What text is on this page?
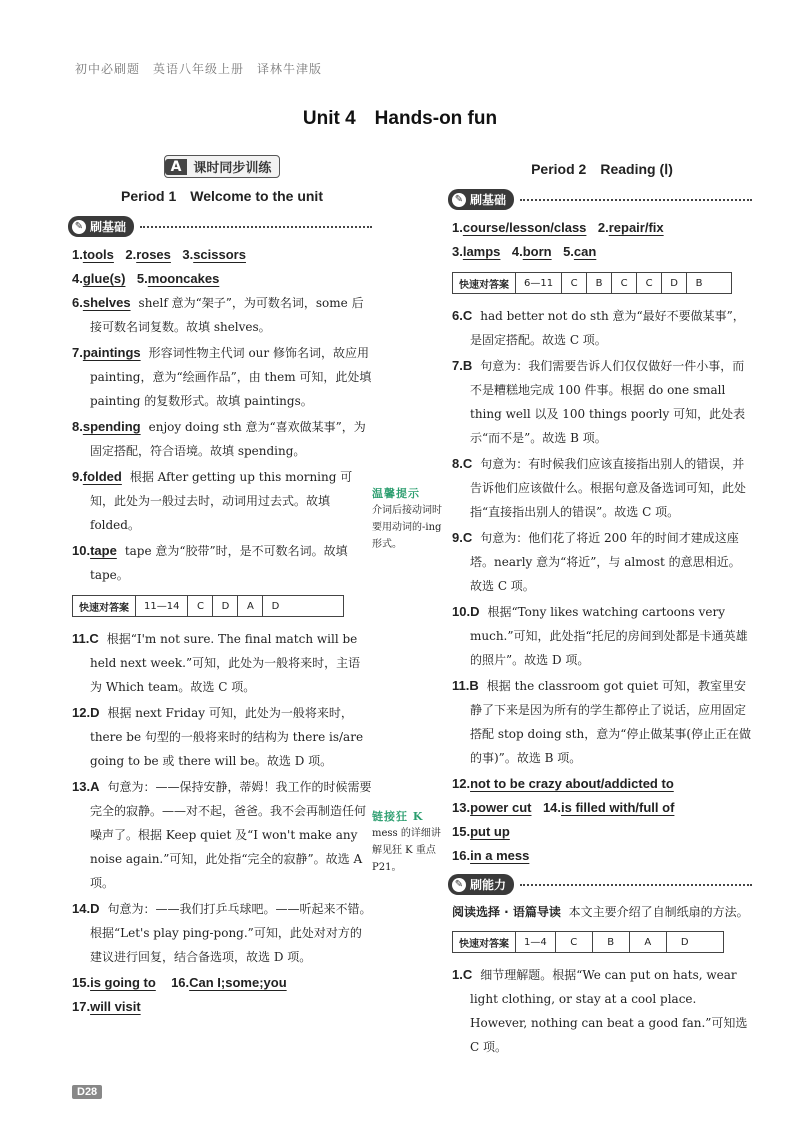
初中必刷题　英语八年级上册　译林牛津版
Unit 4　Hands-on fun
A 课时同步训练
Period 1　Welcome to the unit
✎ 刷基础

1.tools 2.roses 3.scissors

4.glue(s) 5.mooncakes

6.shelves shelf 意为“架子”，为可数名词，some 后接可数名词复数。故填 shelves。

7.paintings 形容词性物主代词 our 修饰名词，故应用 painting，意为“绘画作品”，由 them 可知，此处填 painting 的复数形式。故填 paintings。

8.spending enjoy doing sth 意为“喜欢做某事”，为固定搭配，符合语境。故填 spending。

9.folded 根据 After getting up this morning 可知，此处为一般过去时，动词用过去式。故填 folded。

10.tape tape 意为“胶带”时，是不可数名词。故填 tape。

快速对答案	11—14	C	D	A	D

11.C 根据“I'm not sure. The final match will be held next week.”可知，此处为一般将来时，主语为 Which team。故选 C 项。

12.D 根据 next Friday 可知，此处为一般将来时，there be 句型的一般将来时的结构为 there is/are going to be 或 there will be。故选 D 项。

13.A 句意为：——保持安静，蒂姆！我工作的时候需要完全的寂静。——对不起，爸爸。我不会再制造任何噪声了。根据 Keep quiet 及“I won't make any noise again.”可知，此处指“完全的寂静”。故选 A 项。

14.D 句意为：——我们打乒乓球吧。——听起来不错。根据“Let's play ping-pong.”可知，此处对对方的建议进行回复，结合备选项，故选 D 项。

15.is going to 16.Can I;some;you

17.will visit

温馨提示
介词后接动词时要用动词的-ing形式。
链接狂 K
mess 的详细讲解见狂 K 重点 P21。
Period 2　Reading (Ⅰ)
✎ 刷基础

1.course/lesson/class 2.repair/fix

3.lamps 4.born 5.can

快速对答案	6—11	C	B	C	C	D	B

6.C had better not do sth 意为“最好不要做某事”，是固定搭配。故选 C 项。

7.B 句意为：我们需要告诉人们仅仅做好一件小事，而不是糟糕地完成 100 件事。根据 do one small thing well 以及 100 things poorly 可知，此处表示“而不是”。故选 B 项。

8.C 句意为：有时候我们应该直接指出别人的错误，并告诉他们应该做什么。根据句意及备选词可知，此处指“直接指出别人的错误”。故选 C 项。

9.C 句意为：他们花了将近 200 年的时间才建成这座塔。nearly 意为“将近”，与 almost 的意思相近。故选 C 项。

10.D 根据“Tony likes watching cartoons very much.”可知，此处指“托尼的房间到处都是卡通英雄的照片”。故选 D 项。

11.B 根据 the classroom got quiet 可知，教室里安静了下来是因为所有的学生都停止了说话，应用固定搭配 stop doing sth，意为“停止做某事(停止正在做的事)”。故选 B 项。

12.not to be crazy about/addicted to

13.power cut 14.is filled with/full of

15.put up

16.in a mess

✎ 刷能力

阅读选择 · 语篇导读 本文主要介绍了自制纸扇的方法。

快速对答案	1—4	C	B	A	D

1.C 细节理解题。根据“We can put on hats, wear light clothing, or stay at a cool place. However, nothing can beat a good fan.”可知选 C 项。

D28
